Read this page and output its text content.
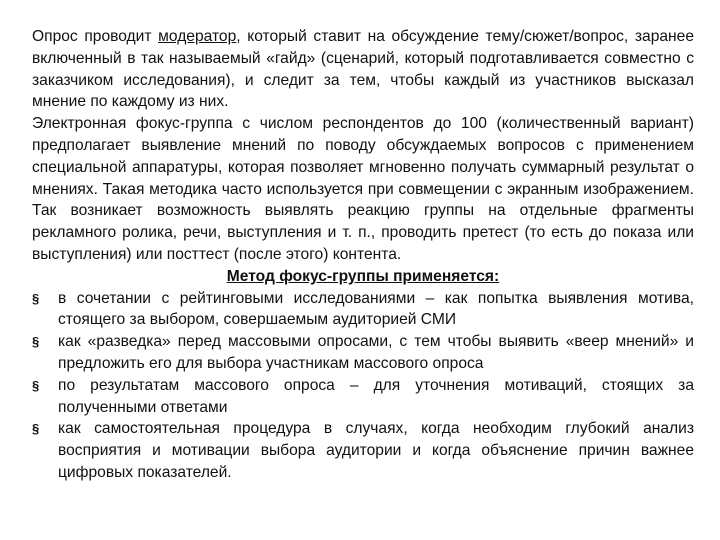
Опрос проводит модератор, который ставит на обсуждение тему/сюжет/вопрос, заранее включенный в так называемый «гайд» (сценарий, который подготавливается совместно с заказчиком исследования), и следит за тем, чтобы каждый из участников высказал мнение по каждому из них.

Электронная фокус-группа с числом респондентов до 100 (количественный вариант) предполагает выявление мнений по поводу обсуждаемых вопросов с применением специальной аппаратуры, которая позволяет мгновенно получать суммарный результат о мнениях. Такая методика часто используется при совмещении с экранным изображением. Так возникает возможность выявлять реакцию группы на отдельные фрагменты рекламного ролика, речи, выступления и т. п., проводить претест (то есть до показа или выступления) или посттест (после этого) контента.

Метод фокус-группы применяется:

§ в сочетании с рейтинговыми исследованиями – как попытка выявления мотива, стоящего за выбором, совершаемым аудиторией СМИ
§ как «разведка» перед массовыми опросами, с тем чтобы выявить «веер мнений» и предложить его для выбора участникам массового опроса
§ по результатам массового опроса – для уточнения мотиваций, стоящих за полученными ответами
§ как самостоятельная процедура в случаях, когда необходим глубокий анализ восприятия и мотивации выбора аудитории и когда объяснение причин важнее цифровых показателей.
